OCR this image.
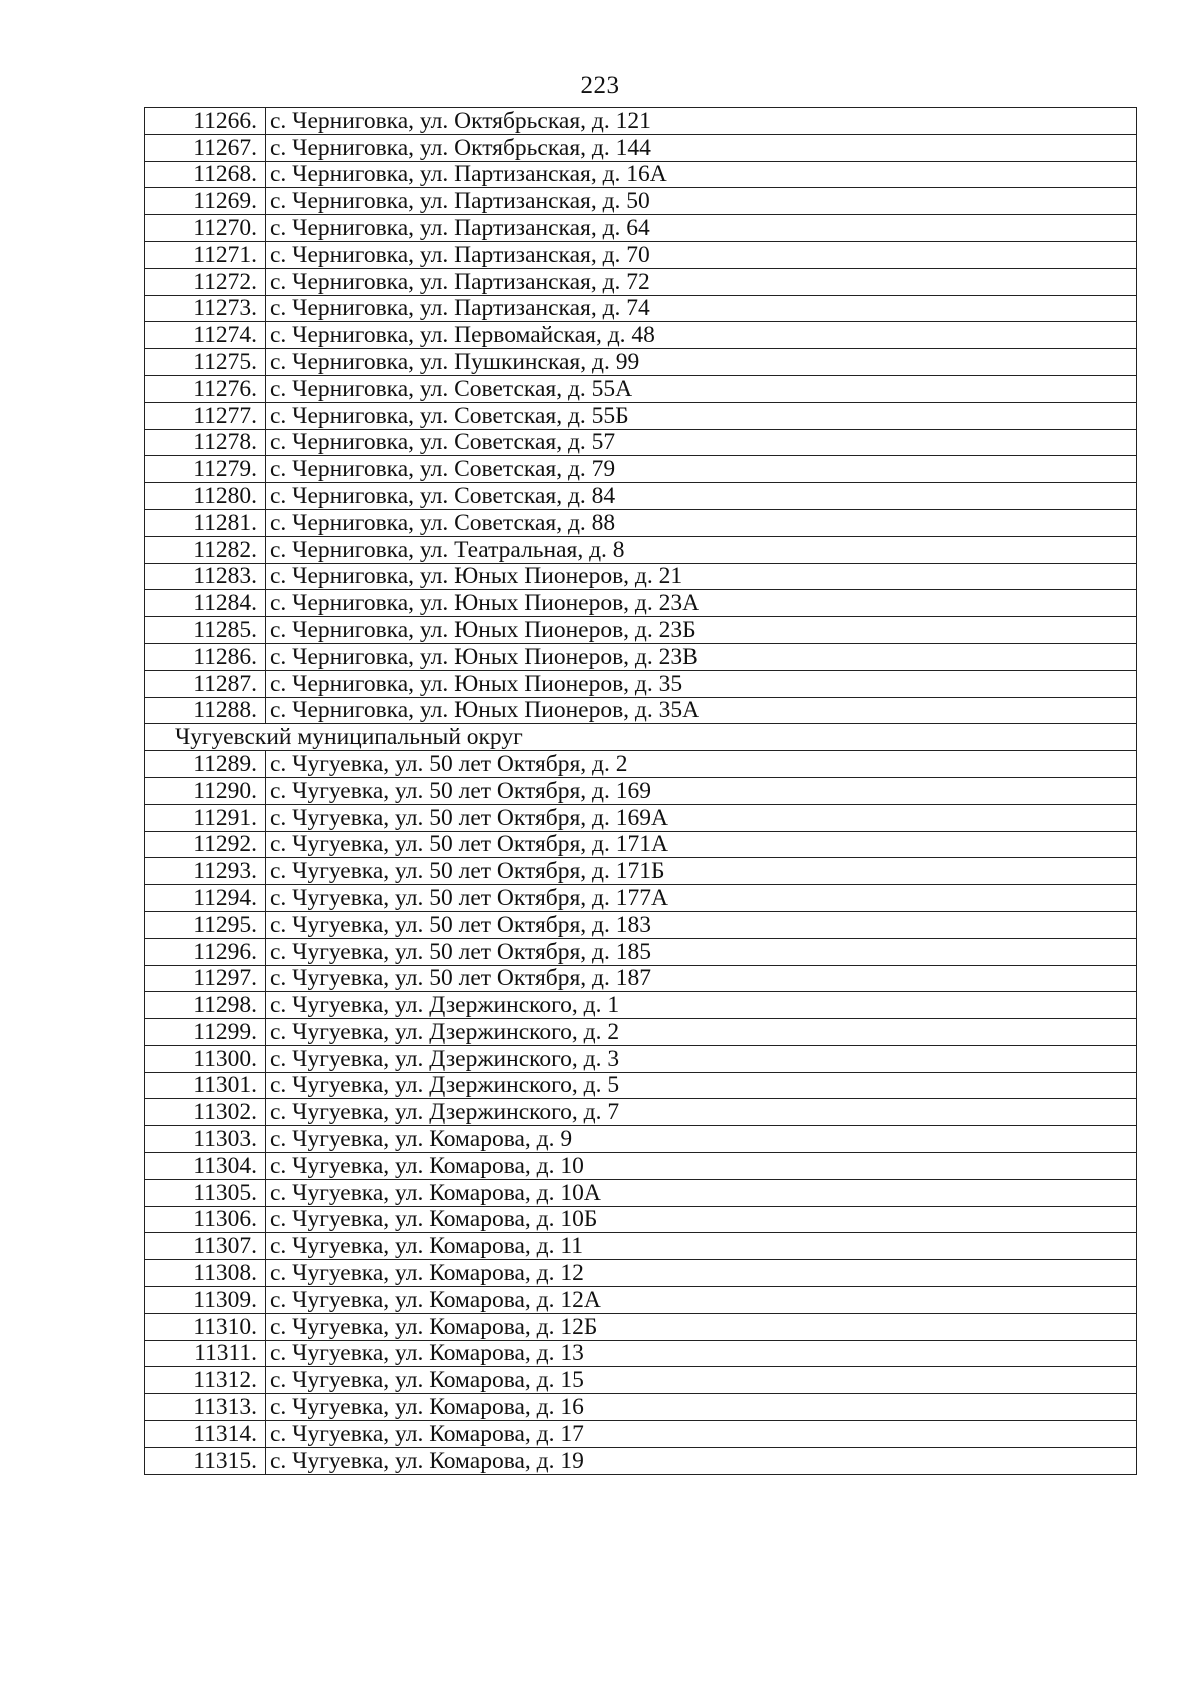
223
11266.	с. Черниговка, ул. Октябрьская, д. 121
11267.	с. Черниговка, ул. Октябрьская, д. 144
11268.	с. Черниговка, ул. Партизанская, д. 16А
11269.	с. Черниговка, ул. Партизанская, д. 50
11270.	с. Черниговка, ул. Партизанская, д. 64
11271.	с. Черниговка, ул. Партизанская, д. 70
11272.	с. Черниговка, ул. Партизанская, д. 72
11273.	с. Черниговка, ул. Партизанская, д. 74
11274.	с. Черниговка, ул. Первомайская, д. 48
11275.	с. Черниговка, ул. Пушкинская, д. 99
11276.	с. Черниговка, ул. Советская, д. 55А
11277.	с. Черниговка, ул. Советская, д. 55Б
11278.	с. Черниговка, ул. Советская, д. 57
11279.	с. Черниговка, ул. Советская, д. 79
11280.	с. Черниговка, ул. Советская, д. 84
11281.	с. Черниговка, ул. Советская, д. 88
11282.	с. Черниговка, ул. Театральная, д. 8
11283.	с. Черниговка, ул. Юных Пионеров, д. 21
11284.	с. Черниговка, ул. Юных Пионеров, д. 23А
11285.	с. Черниговка, ул. Юных Пионеров, д. 23Б
11286.	с. Черниговка, ул. Юных Пионеров, д. 23В
11287.	с. Черниговка, ул. Юных Пионеров, д. 35
11288.	с. Черниговка, ул. Юных Пионеров, д. 35А
Чугуевский муниципальный округ	
11289.	с. Чугуевка, ул. 50 лет Октября, д. 2
11290.	с. Чугуевка, ул. 50 лет Октября, д. 169
11291.	с. Чугуевка, ул. 50 лет Октября, д. 169А
11292.	с. Чугуевка, ул. 50 лет Октября, д. 171А
11293.	с. Чугуевка, ул. 50 лет Октября, д. 171Б
11294.	с. Чугуевка, ул. 50 лет Октября, д. 177А
11295.	с. Чугуевка, ул. 50 лет Октября, д. 183
11296.	с. Чугуевка, ул. 50 лет Октября, д. 185
11297.	с. Чугуевка, ул. 50 лет Октября, д. 187
11298.	с. Чугуевка, ул. Дзержинского, д. 1
11299.	с. Чугуевка, ул. Дзержинского, д. 2
11300.	с. Чугуевка, ул. Дзержинского, д. 3
11301.	с. Чугуевка, ул. Дзержинского, д. 5
11302.	с. Чугуевка, ул. Дзержинского, д. 7
11303.	с. Чугуевка, ул. Комарова, д. 9
11304.	с. Чугуевка, ул. Комарова, д. 10
11305.	с. Чугуевка, ул. Комарова, д. 10А
11306.	с. Чугуевка, ул. Комарова, д. 10Б
11307.	с. Чугуевка, ул. Комарова, д. 11
11308.	с. Чугуевка, ул. Комарова, д. 12
11309.	с. Чугуевка, ул. Комарова, д. 12А
11310.	с. Чугуевка, ул. Комарова, д. 12Б
11311.	с. Чугуевка, ул. Комарова, д. 13
11312.	с. Чугуевка, ул. Комарова, д. 15
11313.	с. Чугуевка, ул. Комарова, д. 16
11314.	с. Чугуевка, ул. Комарова, д. 17
11315.	с. Чугуевка, ул. Комарова, д. 19
